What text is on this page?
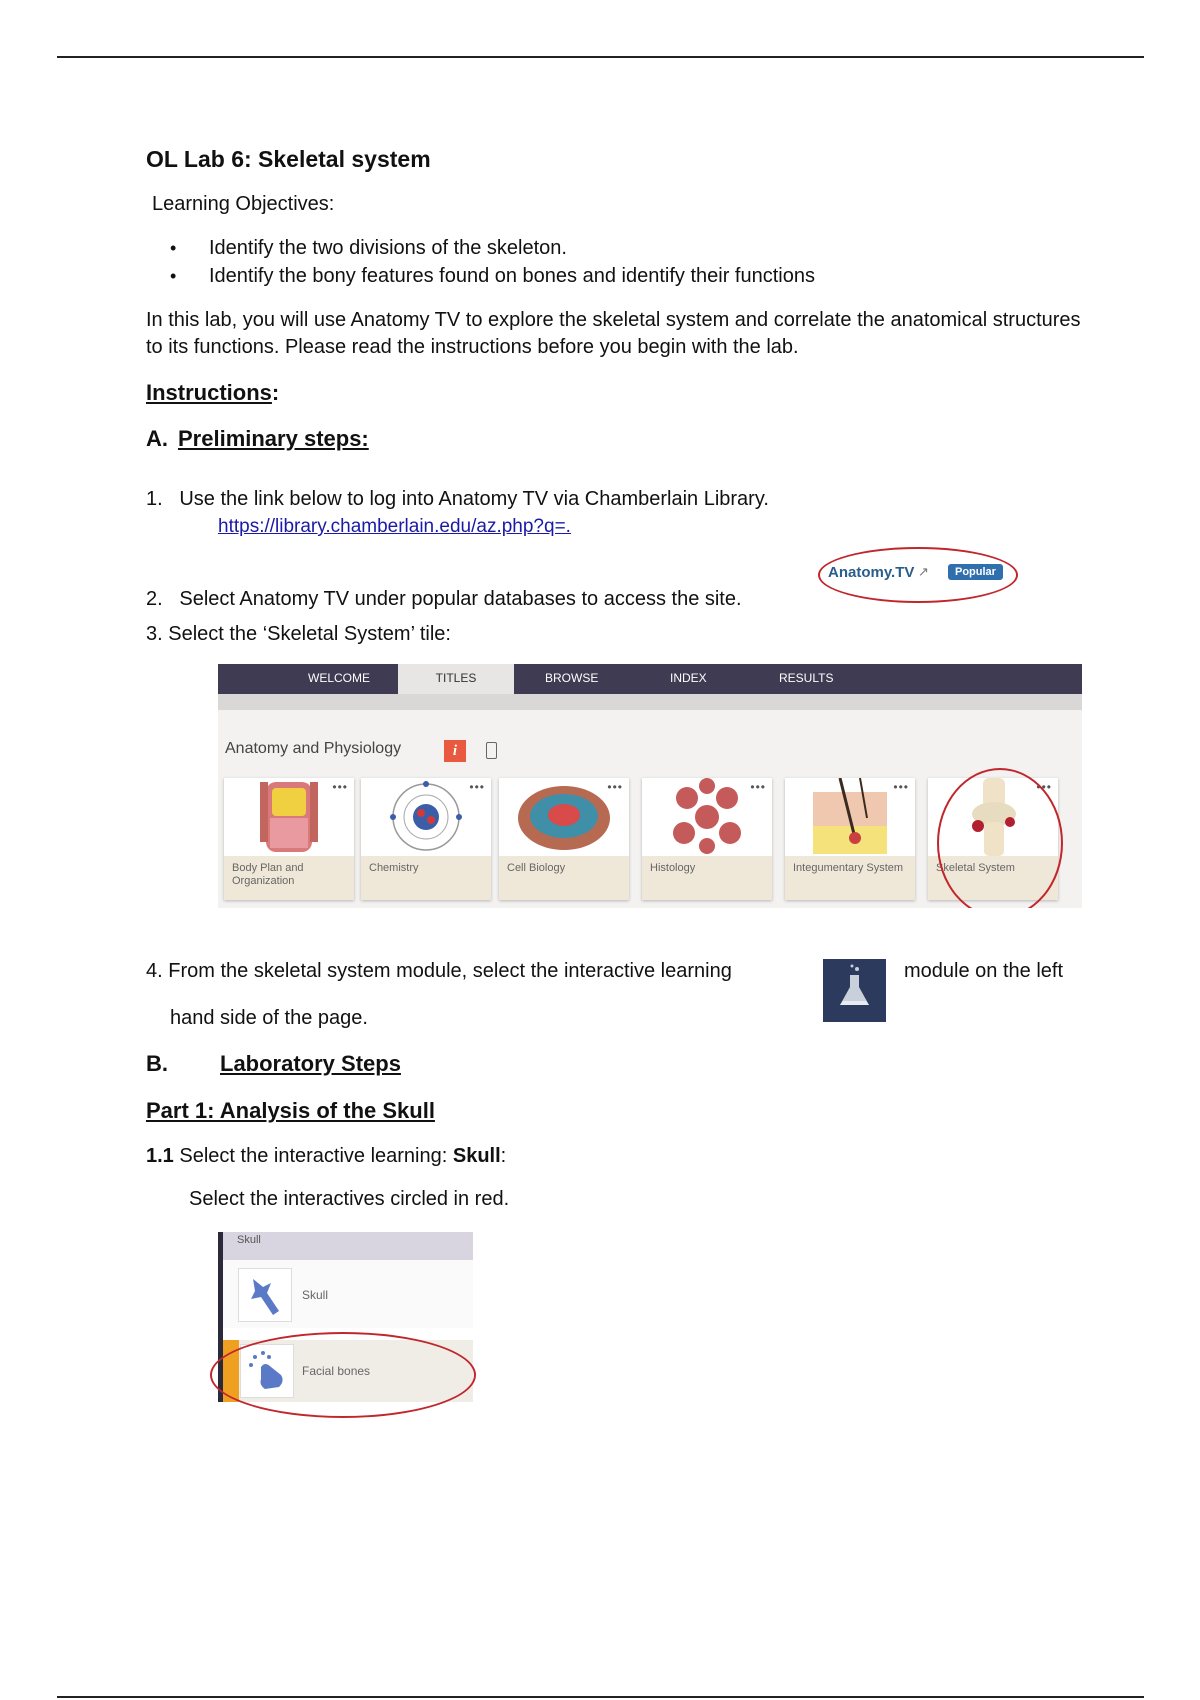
OL Lab 6: Skeletal system
Learning Objectives:
•	Identify the two divisions of the skeleton.
•	Identify the bony features found on bones and identify their functions
In this lab, you will use Anatomy TV to explore the skeletal system and correlate the anatomical structures to its functions. Please read the instructions before you begin with the lab.
Instructions:
A. Preliminary steps:
1. Use the link below to log into Anatomy TV via Chamberlain Library.
https://library.chamberlain.edu/az.php?q=.
2. Select Anatomy TV under popular databases to access the site.
Anatomy.TV ↗	Popular
3. Select the ‘Skeletal System’ tile:
WELCOME	TITLES	BROWSE	INDEX	RESULTS
Anatomy and Physiology	i
Body Plan and Organization
•••
Chemistry
•••
Cell Biology
•••
Histology
•••
Integumentary System
•••
Skeletal System
•••
4. From the skeletal system module, select the interactive learning	module on the left
hand side of the page.
B. Laboratory Steps
Part 1: Analysis of the Skull
1.1 Select the interactive learning: Skull:
Select the interactives circled in red.
Skull
Skull
Facial bones
